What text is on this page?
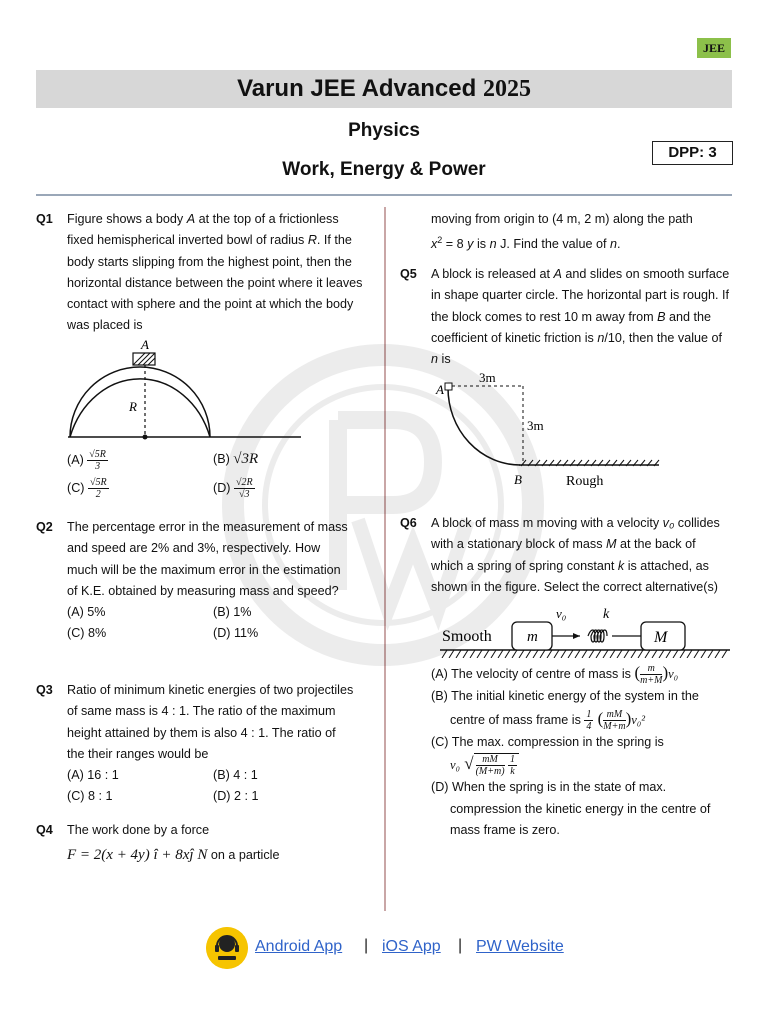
JEE
Varun JEE Advanced 2025
Physics
Work, Energy & Power
DPP: 3
Q1 Figure shows a body A at the top of a frictionless fixed hemispherical inverted bowl of radius R. If the body starts slipping from the highest point, then the horizontal distance between the point where it leaves contact with sphere and the point at which the body was placed is
A
R
$(A) \frac{√5R}{3}$	(B) √3R
$(C) \frac{√5R}{2}$	$(D) \frac{√2R}{√3}$
Q2 The percentage error in the measurement of mass and speed are 2% and 3%, respectively. How much will be the maximum error in the estimation of K.E. obtained by measuring mass and speed?
(A) 5%	(B) 1%
(C) 8%	(D) 11%
Q3 Ratio of minimum kinetic energies of two projectiles of same mass is 4 : 1. The ratio of the maximum height attained by them is also 4 : 1. The ratio of the their ranges would be
(A) 16 : 1	(B) 4 : 1
(C) 8 : 1	(D) 2 : 1
Q4 The work done by a force
F = 2(x + 4y) î + 8xĵ N on a particle
moving from origin to (4 m, 2 m) along the path
$x^2 = 8$ y is n J. Find the value of n.
Q5 A block is released at A and slides on smooth surface in shape quarter circle. The horizontal part is rough. If the block comes to rest 10 m away from B and the coefficient of kinetic friction is n/10, then the value of n is
A
3m
3m
B	Rough
Q6 A block of mass m moving with a velocity v₀ collides with a stationary block of mass M at the back of which a spring of spring constant k is attached, as shown in the figure. Select the correct alternative(s)
Smooth m
v₀	k
M
(A) The velocity of centre of mass is ( $\frac{m}{m+M} )v_0$
(B) The initial kinetic energy of the system in the
centre of mass frame is $\frac{1}{4}$ ( $\frac{mM}{M+m} )v_0^2$
(C) The max. compression in the spring is
v₀ √ $\frac{mM}{(M+m)}$
$\frac{1}{k}$
(D) When the spring is in the state of max. compression the kinetic energy in the centre of mass frame is zero.
Android App | iOS App | PW Website
